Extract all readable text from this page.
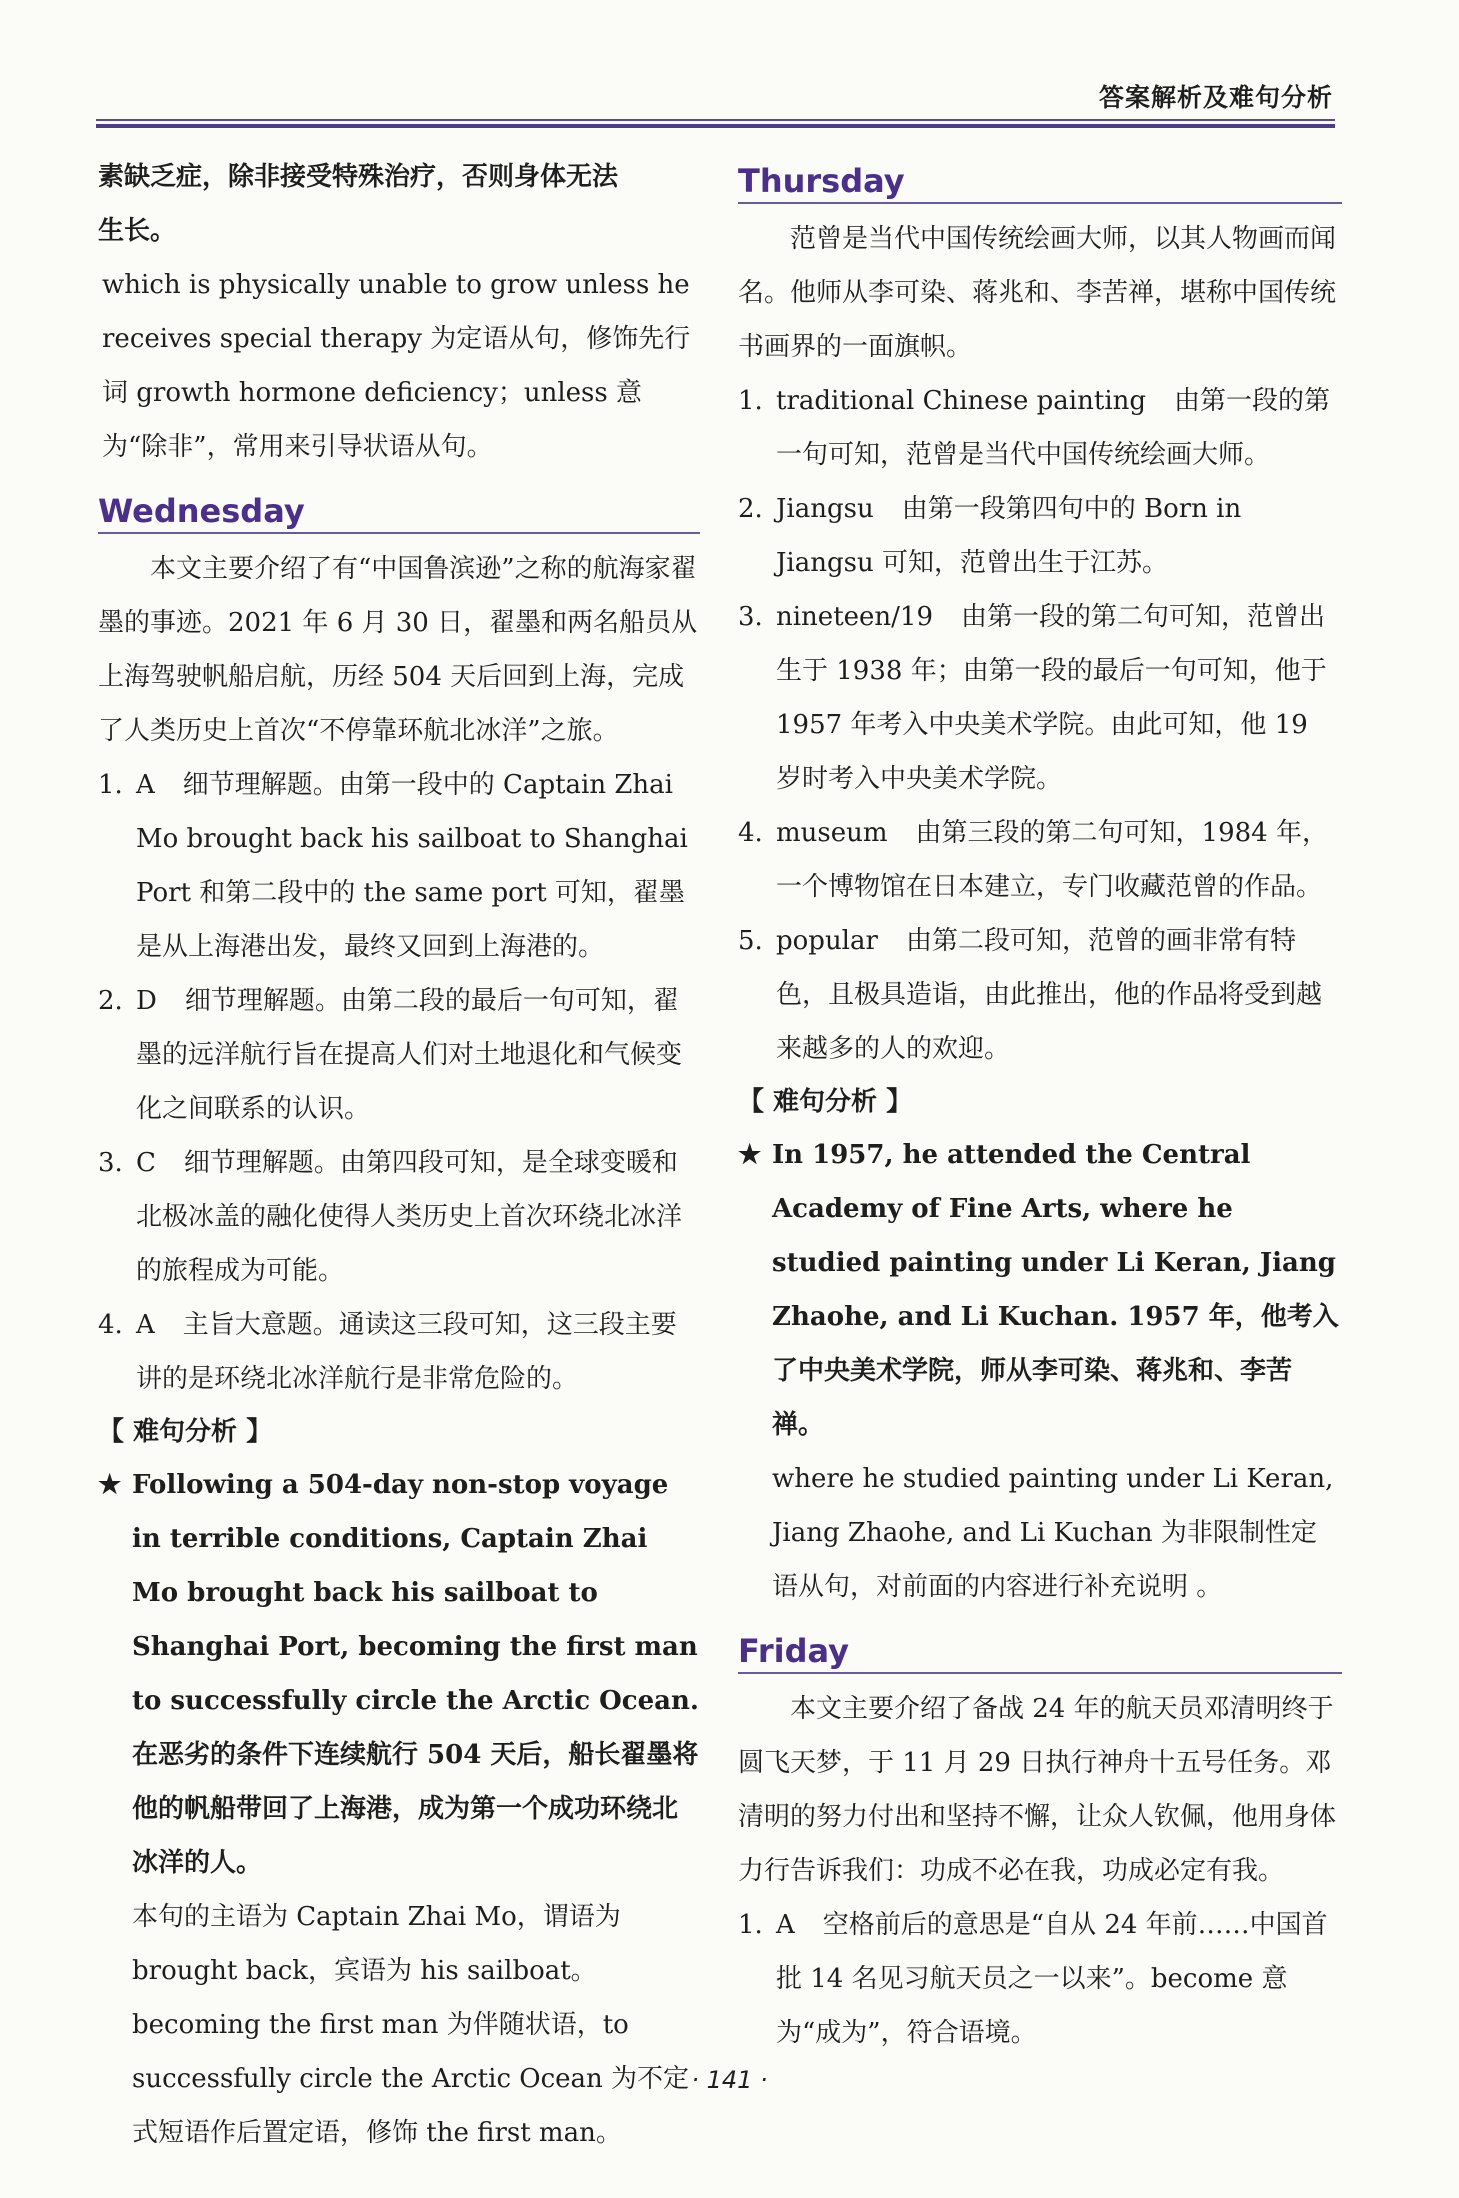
答案解析及难句分析

素缺乏症，除非接受特殊治疗，否则身体无法

生长。

which is physically unable to grow unless he receives special therapy 为定语从句，修饰先行词 growth hormone deficiency；unless 意为“除非”，常用来引导状语从句。

Wednesday

本文主要介绍了有“中国鲁滨逊”之称的航海家翟墨的事迹。2021 年 6 月 30 日，翟墨和两名船员从上海驾驶帆船启航，历经 504 天后回到上海，完成了人类历史上首次“不停靠环航北冰洋”之旅。

1. A 细节理解题。由第一段中的 Captain Zhai Mo brought back his sailboat to Shanghai Port 和第二段中的 the same port 可知，翟墨是从上海港出发，最终又回到上海港的。
2. D 细节理解题。由第二段的最后一句可知，翟墨的远洋航行旨在提高人们对土地退化和气候变化之间联系的认识。
3. C 细节理解题。由第四段可知，是全球变暖和北极冰盖的融化使得人类历史上首次环绕北冰洋的旅程成为可能。
4. A 主旨大意题。通读这三段可知，这三段主要讲的是环绕北冰洋航行是非常危险的。

【 难句分析 】

★ Following a 504-day non-stop voyage in terrible conditions, Captain Zhai Mo brought back his sailboat to Shanghai Port, becoming the first man to successfully circle the Arctic Ocean. 在恶劣的条件下连续航行 504 天后，船长翟墨将他的帆船带回了上海港，成为第一个成功环绕北冰洋的人。

本句的主语为 Captain Zhai Mo，谓语为 brought back，宾语为 his sailboat。becoming the first man 为伴随状语，to successfully circle the Arctic Ocean 为不定式短语作后置定语，修饰 the first man。

Thursday

范曾是当代中国传统绘画大师，以其人物画而闻名。他师从李可染、蒋兆和、李苦禅，堪称中国传统书画界的一面旗帜。

1. traditional Chinese painting 由第一段的第一句可知，范曾是当代中国传统绘画大师。
2. Jiangsu 由第一段第四句中的 Born in Jiangsu 可知，范曾出生于江苏。
3. nineteen/19 由第一段的第二句可知，范曾出生于 1938 年；由第一段的最后一句可知，他于 1957 年考入中央美术学院。由此可知，他 19 岁时考入中央美术学院。
4. museum 由第三段的第二句可知，1984 年，一个博物馆在日本建立，专门收藏范曾的作品。
5. popular 由第二段可知，范曾的画非常有特色，且极具造诣，由此推出，他的作品将受到越来越多的人的欢迎。

【 难句分析 】

★ In 1957, he attended the Central Academy of Fine Arts, where he studied painting under Li Keran, Jiang Zhaohe, and Li Kuchan. 1957 年，他考入了中央美术学院，师从李可染、蒋兆和、李苦禅。

where he studied painting under Li Keran, Jiang Zhaohe, and Li Kuchan 为非限制性定语从句，对前面的内容进行补充说明 。

Friday

本文主要介绍了备战 24 年的航天员邓清明终于圆飞天梦，于 11 月 29 日执行神舟十五号任务。邓清明的努力付出和坚持不懈，让众人钦佩，他用身体力行告诉我们：功成不必在我，功成必定有我。

1. A 空格前后的意思是“自从 24 年前……中国首批 14 名见习航天员之一以来”。become 意为“成为”，符合语境。
· 141 ·
